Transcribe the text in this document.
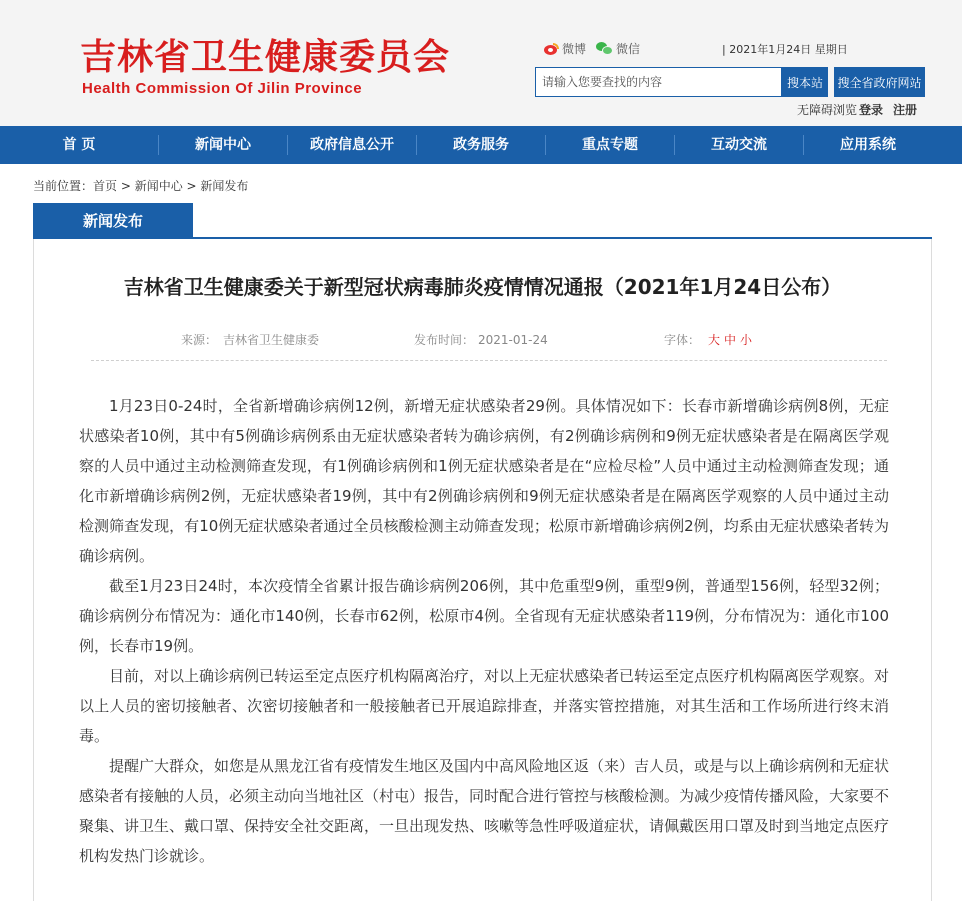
吉林省卫生健康委员会
Health Commission Of Jilin Province
微博	微信	| 2021年1月24日 星期日
请输入您要查找的内容
搜本站	搜全省政府网站
无障碍浏览 登录 注册
首 页	新闻中心	政府信息公开	政务服务	重点专题	互动交流	应用系统
当前位置：首页 > 新闻中心 > 新闻发布
新闻发布
吉林省卫生健康委关于新型冠状病毒肺炎疫情情况通报（2021年1月24日公布）
来源： 吉林省卫生健康委	发布时间： 2021-01-24	字体： 大 中 小

1月23日0-24时，全省新增确诊病例12例，新增无症状感染者29例。具体情况如下：长春市新增确诊病例8例，无症状感染者10例，其中有5例确诊病例系由无症状感染者转为确诊病例，有2例确诊病例和9例无症状感染者是在隔离医学观察的人员中通过主动检测筛查发现，有1例确诊病例和1例无症状感染者是在“应检尽检”人员中通过主动检测筛查发现；通化市新增确诊病例2例，无症状感染者19例，其中有2例确诊病例和9例无症状感染者是在隔离医学观察的人员中通过主动检测筛查发现，有10例无症状感染者通过全员核酸检测主动筛查发现；松原市新增确诊病例2例，均系由无症状感染者转为确诊病例。

截至1月23日24时，本次疫情全省累计报告确诊病例206例，其中危重型9例，重型9例，普通型156例，轻型32例；确诊病例分布情况为：通化市140例，长春市62例，松原市4例。全省现有无症状感染者119例，分布情况为：通化市100例，长春市19例。

目前，对以上确诊病例已转运至定点医疗机构隔离治疗，对以上无症状感染者已转运至定点医疗机构隔离医学观察。对以上人员的密切接触者、次密切接触者和一般接触者已开展追踪排查，并落实管控措施，对其生活和工作场所进行终末消毒。

提醒广大群众，如您是从黑龙江省有疫情发生地区及国内中高风险地区返（来）吉人员，或是与以上确诊病例和无症状感染者有接触的人员，必须主动向当地社区（村屯）报告，同时配合进行管控与核酸检测。为减少疫情传播风险，大家要不聚集、讲卫生、戴口罩、保持安全社交距离，一旦出现发热、咳嗽等急性呼吸道症状，请佩戴医用口罩及时到当地定点医疗机构发热门诊就诊。
